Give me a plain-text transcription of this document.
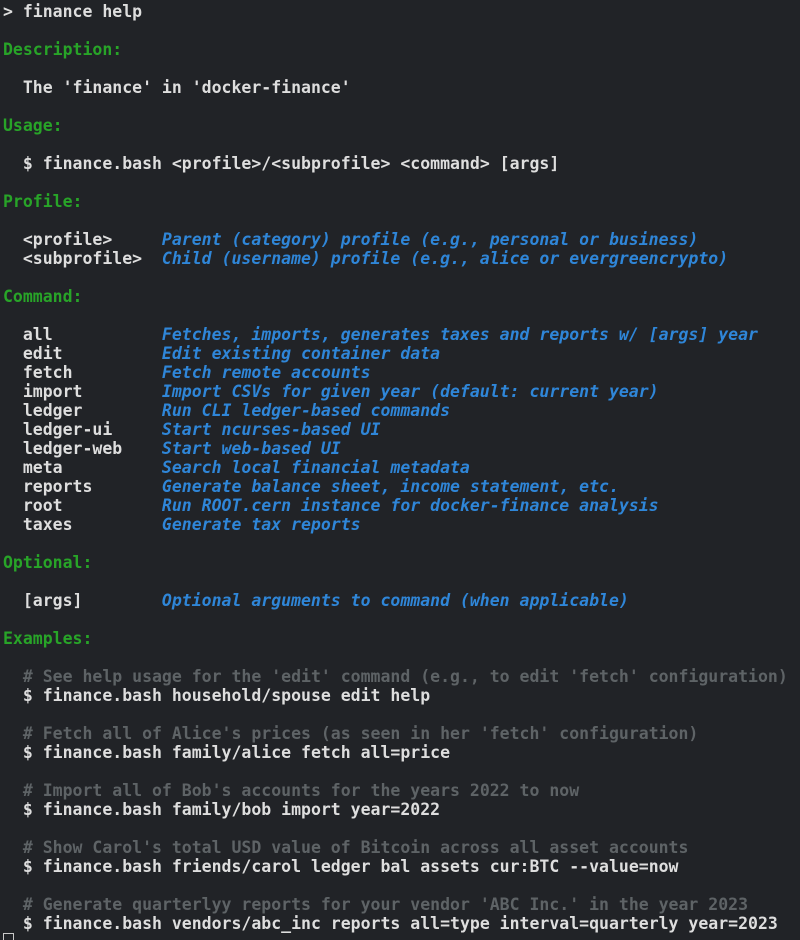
> finance help
Description:
The 'finance' in 'docker-finance'
Usage:
$ finance.bash <profile>/<subprofile> <command> [args]
Profile:
<profile>	Parent (category) profile (e.g., personal or business)
<subprofile> Child (username) profile (e.g., alice or evergreencrypto)
Command:
all	Fetches, imports, generates taxes and reports w/ [args] year
edit	Edit existing container data
fetch	Fetch remote accounts
import	Import CSVs for given year (default: current year)
ledger	Run CLI ledger-based commands
ledger-ui	Start ncurses-based UI
ledger-web Start web-based UI
meta	Search local financial metadata
reports	Generate balance sheet, income statement, etc.
root	Run ROOT.cern instance for docker-finance analysis
taxes	Generate tax reports
Optional:
[args]	Optional arguments to command (when applicable)
Examples:
# See help usage for the 'edit' command (e.g., to edit 'fetch' configuration)
$ finance.bash household/spouse edit help
# Fetch all of Alice's prices (as seen in her 'fetch' configuration)
$ finance.bash family/alice fetch all=price
# Import all of Bob's accounts for the years 2022 to now
$ finance.bash family/bob import year=2022
# Show Carol's total USD value of Bitcoin across all asset accounts
$ finance.bash friends/carol ledger bal assets cur:BTC --value=now
# Generate quarterlyy reports for your vendor 'ABC Inc.' in the year 2023
$ finance.bash vendors/abc_inc reports all=type interval=quarterly year=2023
